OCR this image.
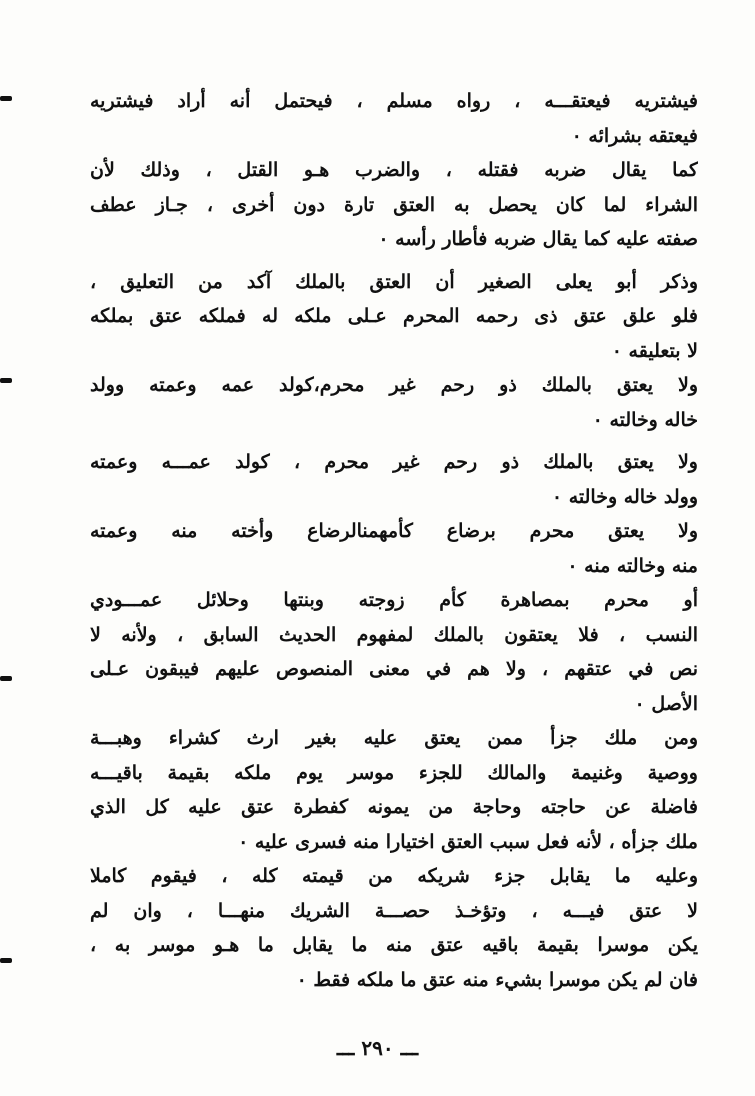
فيشتريه فيعتقـــه ، رواه مسلم ، فيحتمل أنه أراد فيشتريه
فيعتقه بشرائه ٠
كما يقال ضربه فقتله ، والضرب هـو القتل ، وذلك لأن
الشراء لما كان يحصل به العتق تارة دون أخرى ، جـاز عطف
صفته عليه كما يقال ضربه فأطار رأسه ٠
وذكر أبو يعلى الصغير أن العتق بالملك آكد من التعليق ،
فلو علق عتق ذى رحمه المحرم عـلى ملكه له فملكه عتق بملكه
لا بتعليقه ٠
ولا يعتق بالملك ذو رحم غير محرم،كولد عمه وعمته وولد
خاله وخالته ٠
ولا يعتق بالملك ذو رحم غير محرم ، كولد عمـــه وعمته
وولد خاله وخالته ٠
ولا يعتق محرم برضاع كأمهمنالرضاع وأخته منه وعمته
منه وخالته منه ٠
أو محرم بمصاهرة كأم زوجته وبنتها وحلائل عمـــودي
النسب ، فلا يعتقون بالملك لمفهوم الحديث السابق ، ولأنه لا
نص في عتقهم ، ولا هم في معنى المنصوص عليهم فيبقون عـلى
الأصل ٠
ومن ملك جزأ ممن يعتق عليه بغير ارث كشراء وهبـــة
ووصية وغنيمة والمالك للجزء موسر يوم ملكه بقيمة باقيـــه
فاضلة عن حاجته وحاجة من يمونه كفطرة عتق عليه كل الذي
ملك جزأه ، لأنه فعل سبب العتق اختيارا منه فسرى عليه ٠
وعليه ما يقابل جزء شريكه من قيمته كله ، فيقوم كاملا
لا عتق فيـــه ، وتؤخـذ حصـــة الشريك منهـــا ، وان لم
يكن موسرا بقيمة باقيه عتق منه ما يقابل ما هـو موسر به ،
فان لم يكن موسرا بشيء منه عتق ما ملكه فقط ٠
ـــ ٢٩٠ ـــ
